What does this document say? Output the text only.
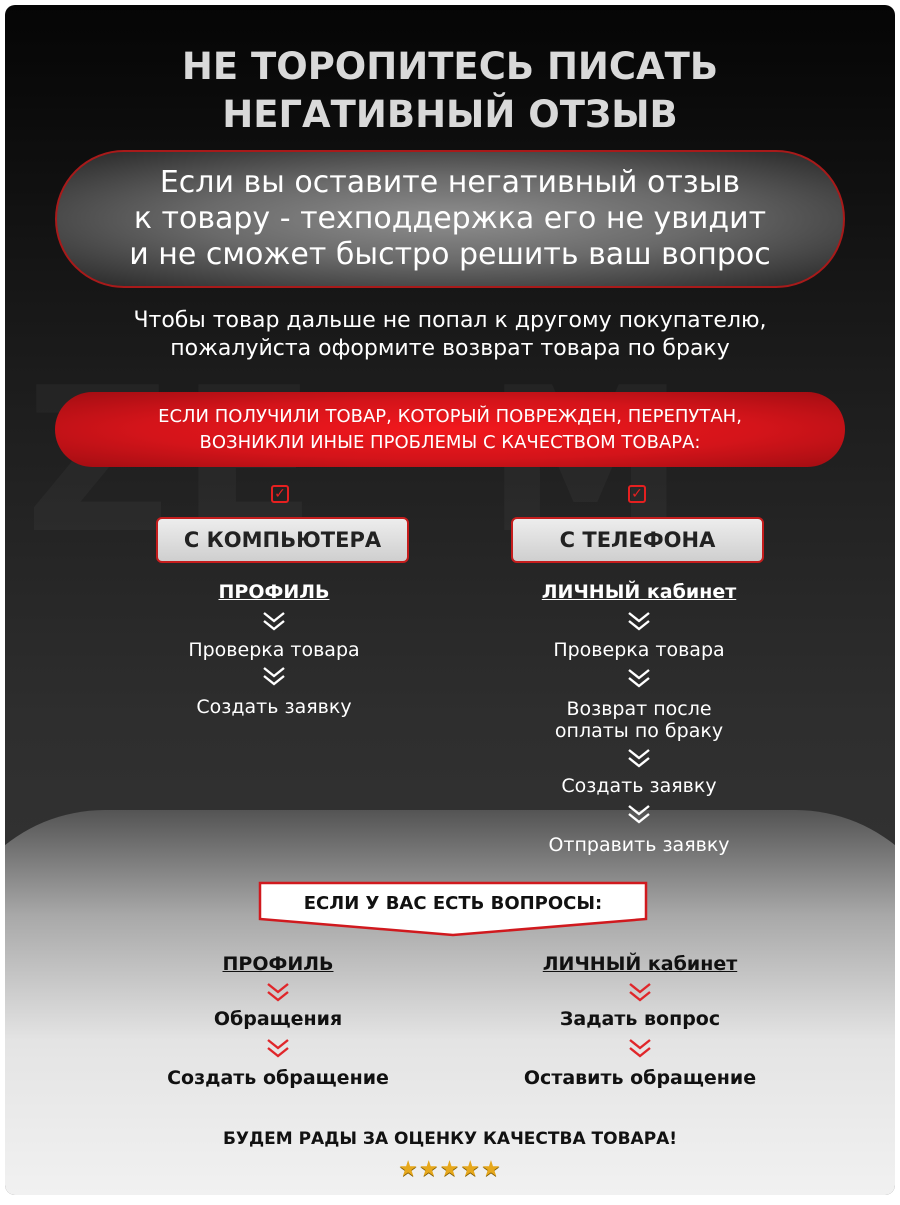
НЕ ТОРОПИТЕСЬ ПИСАТЬ
НЕГАТИВНЫЙ ОТЗЫВ
Если вы оставите негативный отзыв
к товару - техподдержка его не увидит
и не сможет быстро решить ваш вопрос
Чтобы товар дальше не попал к другому покупателю,
пожалуйста оформите возврат товара по браку
ЕСЛИ ПОЛУЧИЛИ ТОВАР, КОТОРЫЙ ПОВРЕЖДЕН, ПЕРЕПУТАН,
ВОЗНИКЛИ ИНЫЕ ПРОБЛЕМЫ С КАЧЕСТВОМ ТОВАРА:
✓	✓
С КОМПЬЮТЕРА	С ТЕЛЕФОНА
ПРОФИЛЬ
Проверка товара
Создать заявку
ЛИЧНЫЙ кабинет
Проверка товара
Возврат после
оплаты по браку
Создать заявку
Отправить заявку
ЕСЛИ У ВАС ЕСТЬ ВОПРОСЫ:
ПРОФИЛЬ
Обращения
Создать обращение
ЛИЧНЫЙ кабинет
Задать вопрос
Оставить обращение
БУДЕМ РАДЫ ЗА ОЦЕНКУ КАЧЕСТВА ТОВАРА!
★★★★★
